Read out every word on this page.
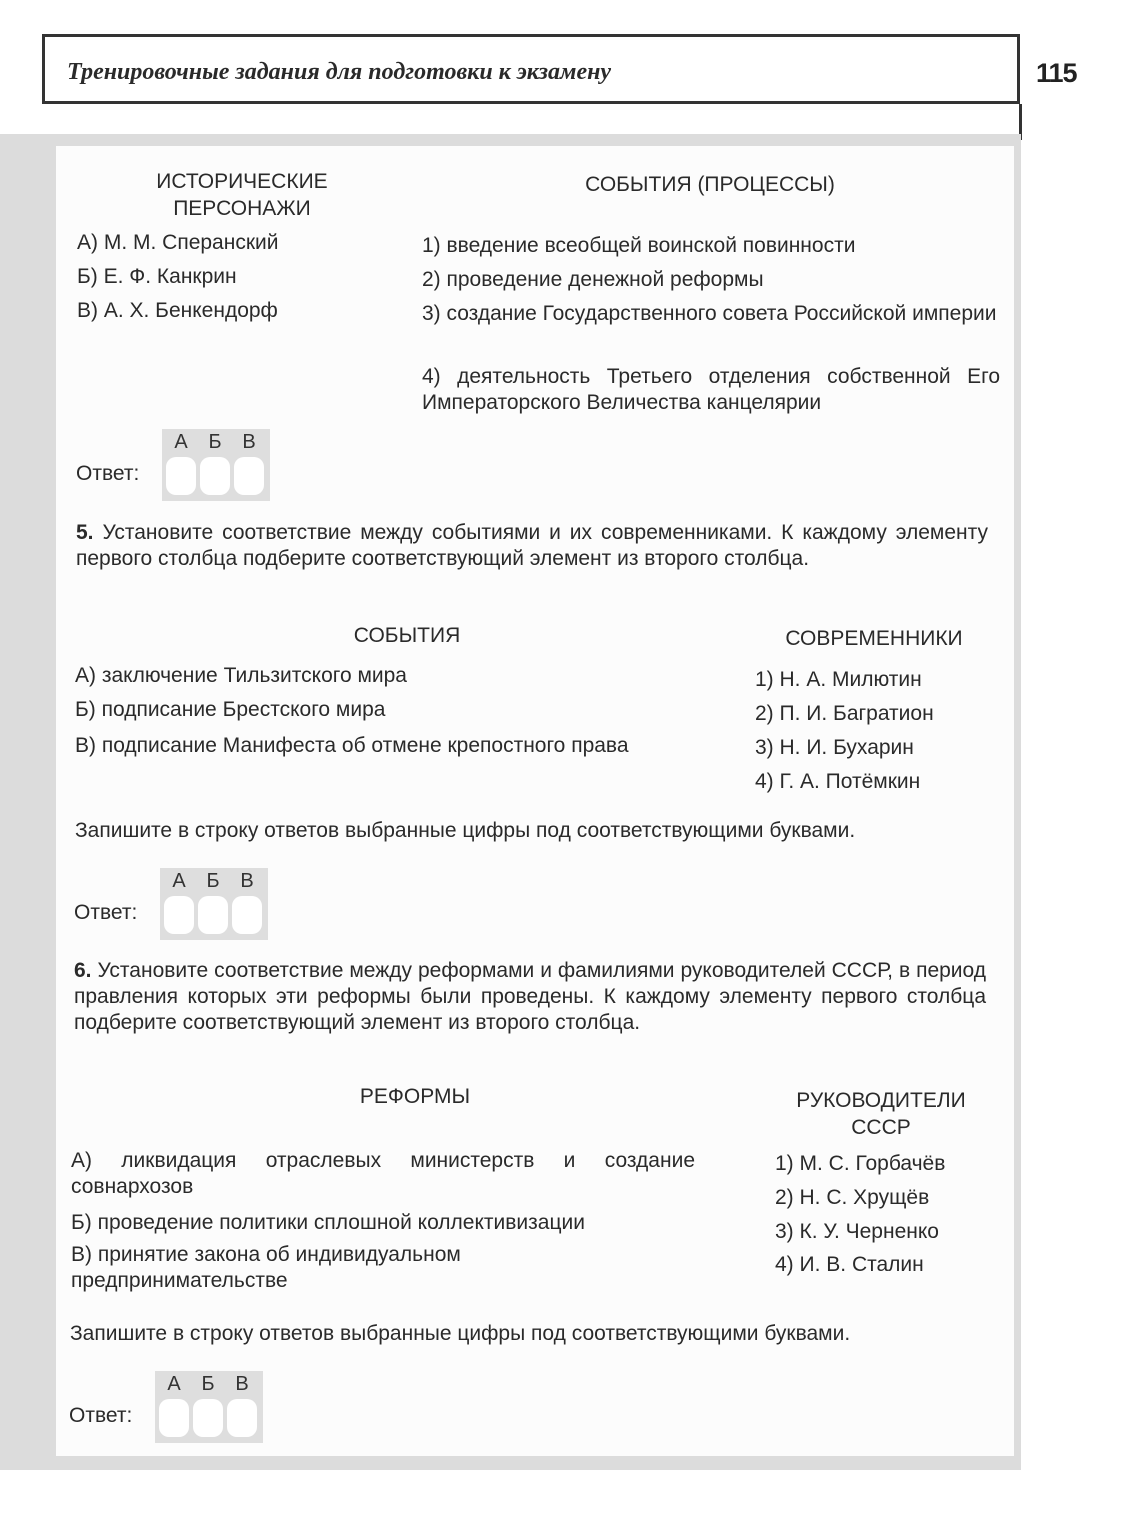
Тренировочные задания для подготовки к экзамену	115
ИСТОРИЧЕСКИЕ ПЕРСОНАЖИ
СОБЫТИЯ (ПРОЦЕССЫ)
А) М. М. Сперанский
Б) Е. Ф. Канкрин
В) А. Х. Бенкендорф
1) введение всеобщей воинской повинности
2) проведение денежной реформы
3) создание Государственного совета Российской империи
4) деятельность Третьего отделения собственной Его Императорского Величества канцелярии
Ответ:
А	Б	В
5. Установите соответствие между событиями и их современниками. К каждому элементу первого столбца подберите соответствующий элемент из второго столбца.
СОБЫТИЯ	СОВРЕМЕННИКИ
А) заключение Тильзитского мира
Б) подписание Брестского мира
В) подписание Манифеста об отмене крепостного права
1) Н. А. Милютин
2) П. И. Багратион
3) Н. И. Бухарин
4) Г. А. Потёмкин
Запишите в строку ответов выбранные цифры под соответствующими буквами.
Ответ:
А	Б	В
6. Установите соответствие между реформами и фамилиями руководителей СССР, в период правления которых эти реформы были проведены. К каждому элементу первого столбца подберите соответствующий элемент из второго столбца.
РЕФОРМЫ	РУКОВОДИТЕЛИ СССР
А) ликвидация отраслевых министерств и создание совнархозов
Б) проведение политики сплошной коллективизации
В) принятие закона об индивидуальном предпринимательстве
1) М. С. Горбачёв
2) Н. С. Хрущёв
3) К. У. Черненко
4) И. В. Сталин
Запишите в строку ответов выбранные цифры под соответствующими буквами.
Ответ:
А	Б	В
